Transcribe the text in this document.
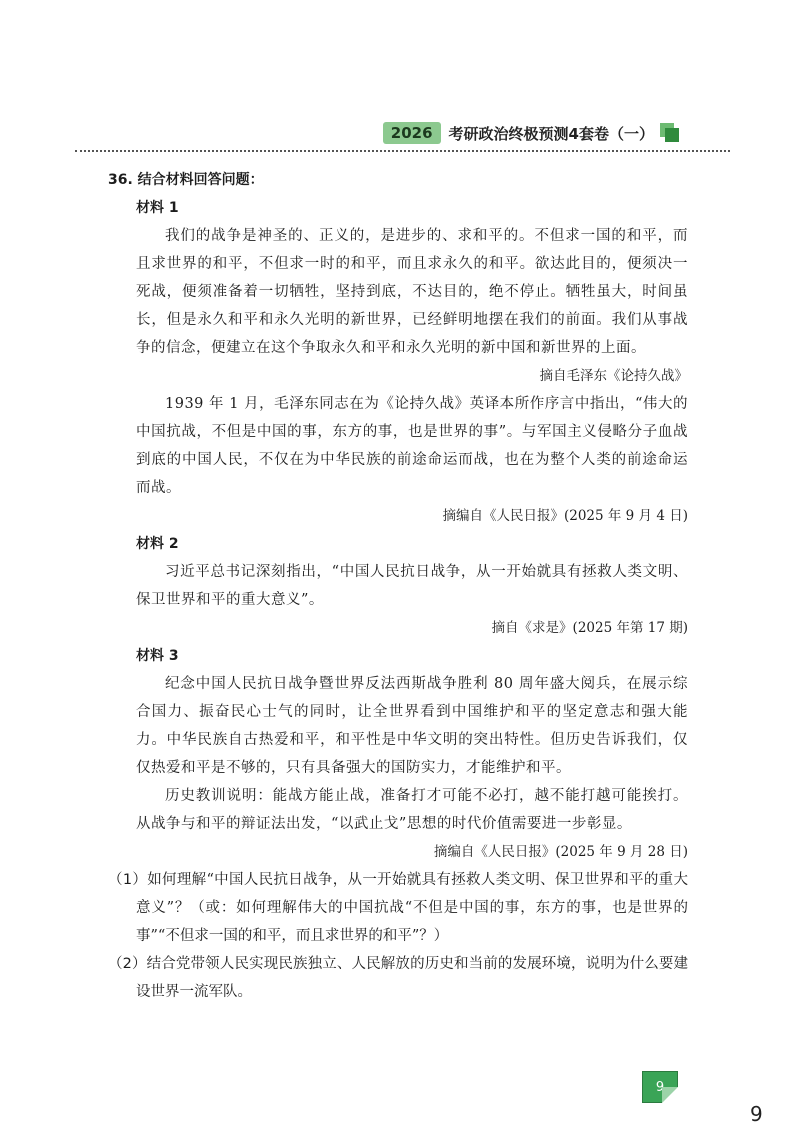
2026	考研政治终极预测4套卷（一）
36. 结合材料回答问题：
材料 1

我们的战争是神圣的、正义的，是进步的、求和平的。不但求一国的和平，而且求世界的和平，不但求一时的和平，而且求永久的和平。欲达此目的，便须决一死战，便须准备着一切牺牲，坚持到底，不达目的，绝不停止。牺牲虽大，时间虽长，但是永久和平和永久光明的新世界，已经鲜明地摆在我们的前面。我们从事战争的信念，便建立在这个争取永久和平和永久光明的新中国和新世界的上面。

摘自毛泽东《论持久战》

1939 年 1 月，毛泽东同志在为《论持久战》英译本所作序言中指出，“伟大的中国抗战，不但是中国的事，东方的事，也是世界的事”。与军国主义侵略分子血战到底的中国人民，不仅在为中华民族的前途命运而战，也在为整个人类的前途命运而战。

摘编自《人民日报》(2025 年 9 月 4 日)
材料 2

习近平总书记深刻指出，“中国人民抗日战争，从一开始就具有拯救人类文明、保卫世界和平的重大意义”。

摘自《求是》(2025 年第 17 期)
材料 3

纪念中国人民抗日战争暨世界反法西斯战争胜利 80 周年盛大阅兵，在展示综合国力、振奋民心士气的同时，让全世界看到中国维护和平的坚定意志和强大能力。中华民族自古热爱和平，和平性是中华文明的突出特性。但历史告诉我们，仅仅热爱和平是不够的，只有具备强大的国防实力，才能维护和平。

历史教训说明：能战方能止战，准备打才可能不必打，越不能打越可能挨打。从战争与和平的辩证法出发，“以武止戈”思想的时代价值需要进一步彰显。

摘编自《人民日报》(2025 年 9 月 28 日)
（1）如何理解“中国人民抗日战争，从一开始就具有拯救人类文明、保卫世界和平的重大意义”？（或：如何理解伟大的中国抗战“不但是中国的事，东方的事，也是世界的事”“不但求一国的和平，而且求世界的和平”？）
（2）结合党带领人民实现民族独立、人民解放的历史和当前的发展环境，说明为什么要建设世界一流军队。
9
9
